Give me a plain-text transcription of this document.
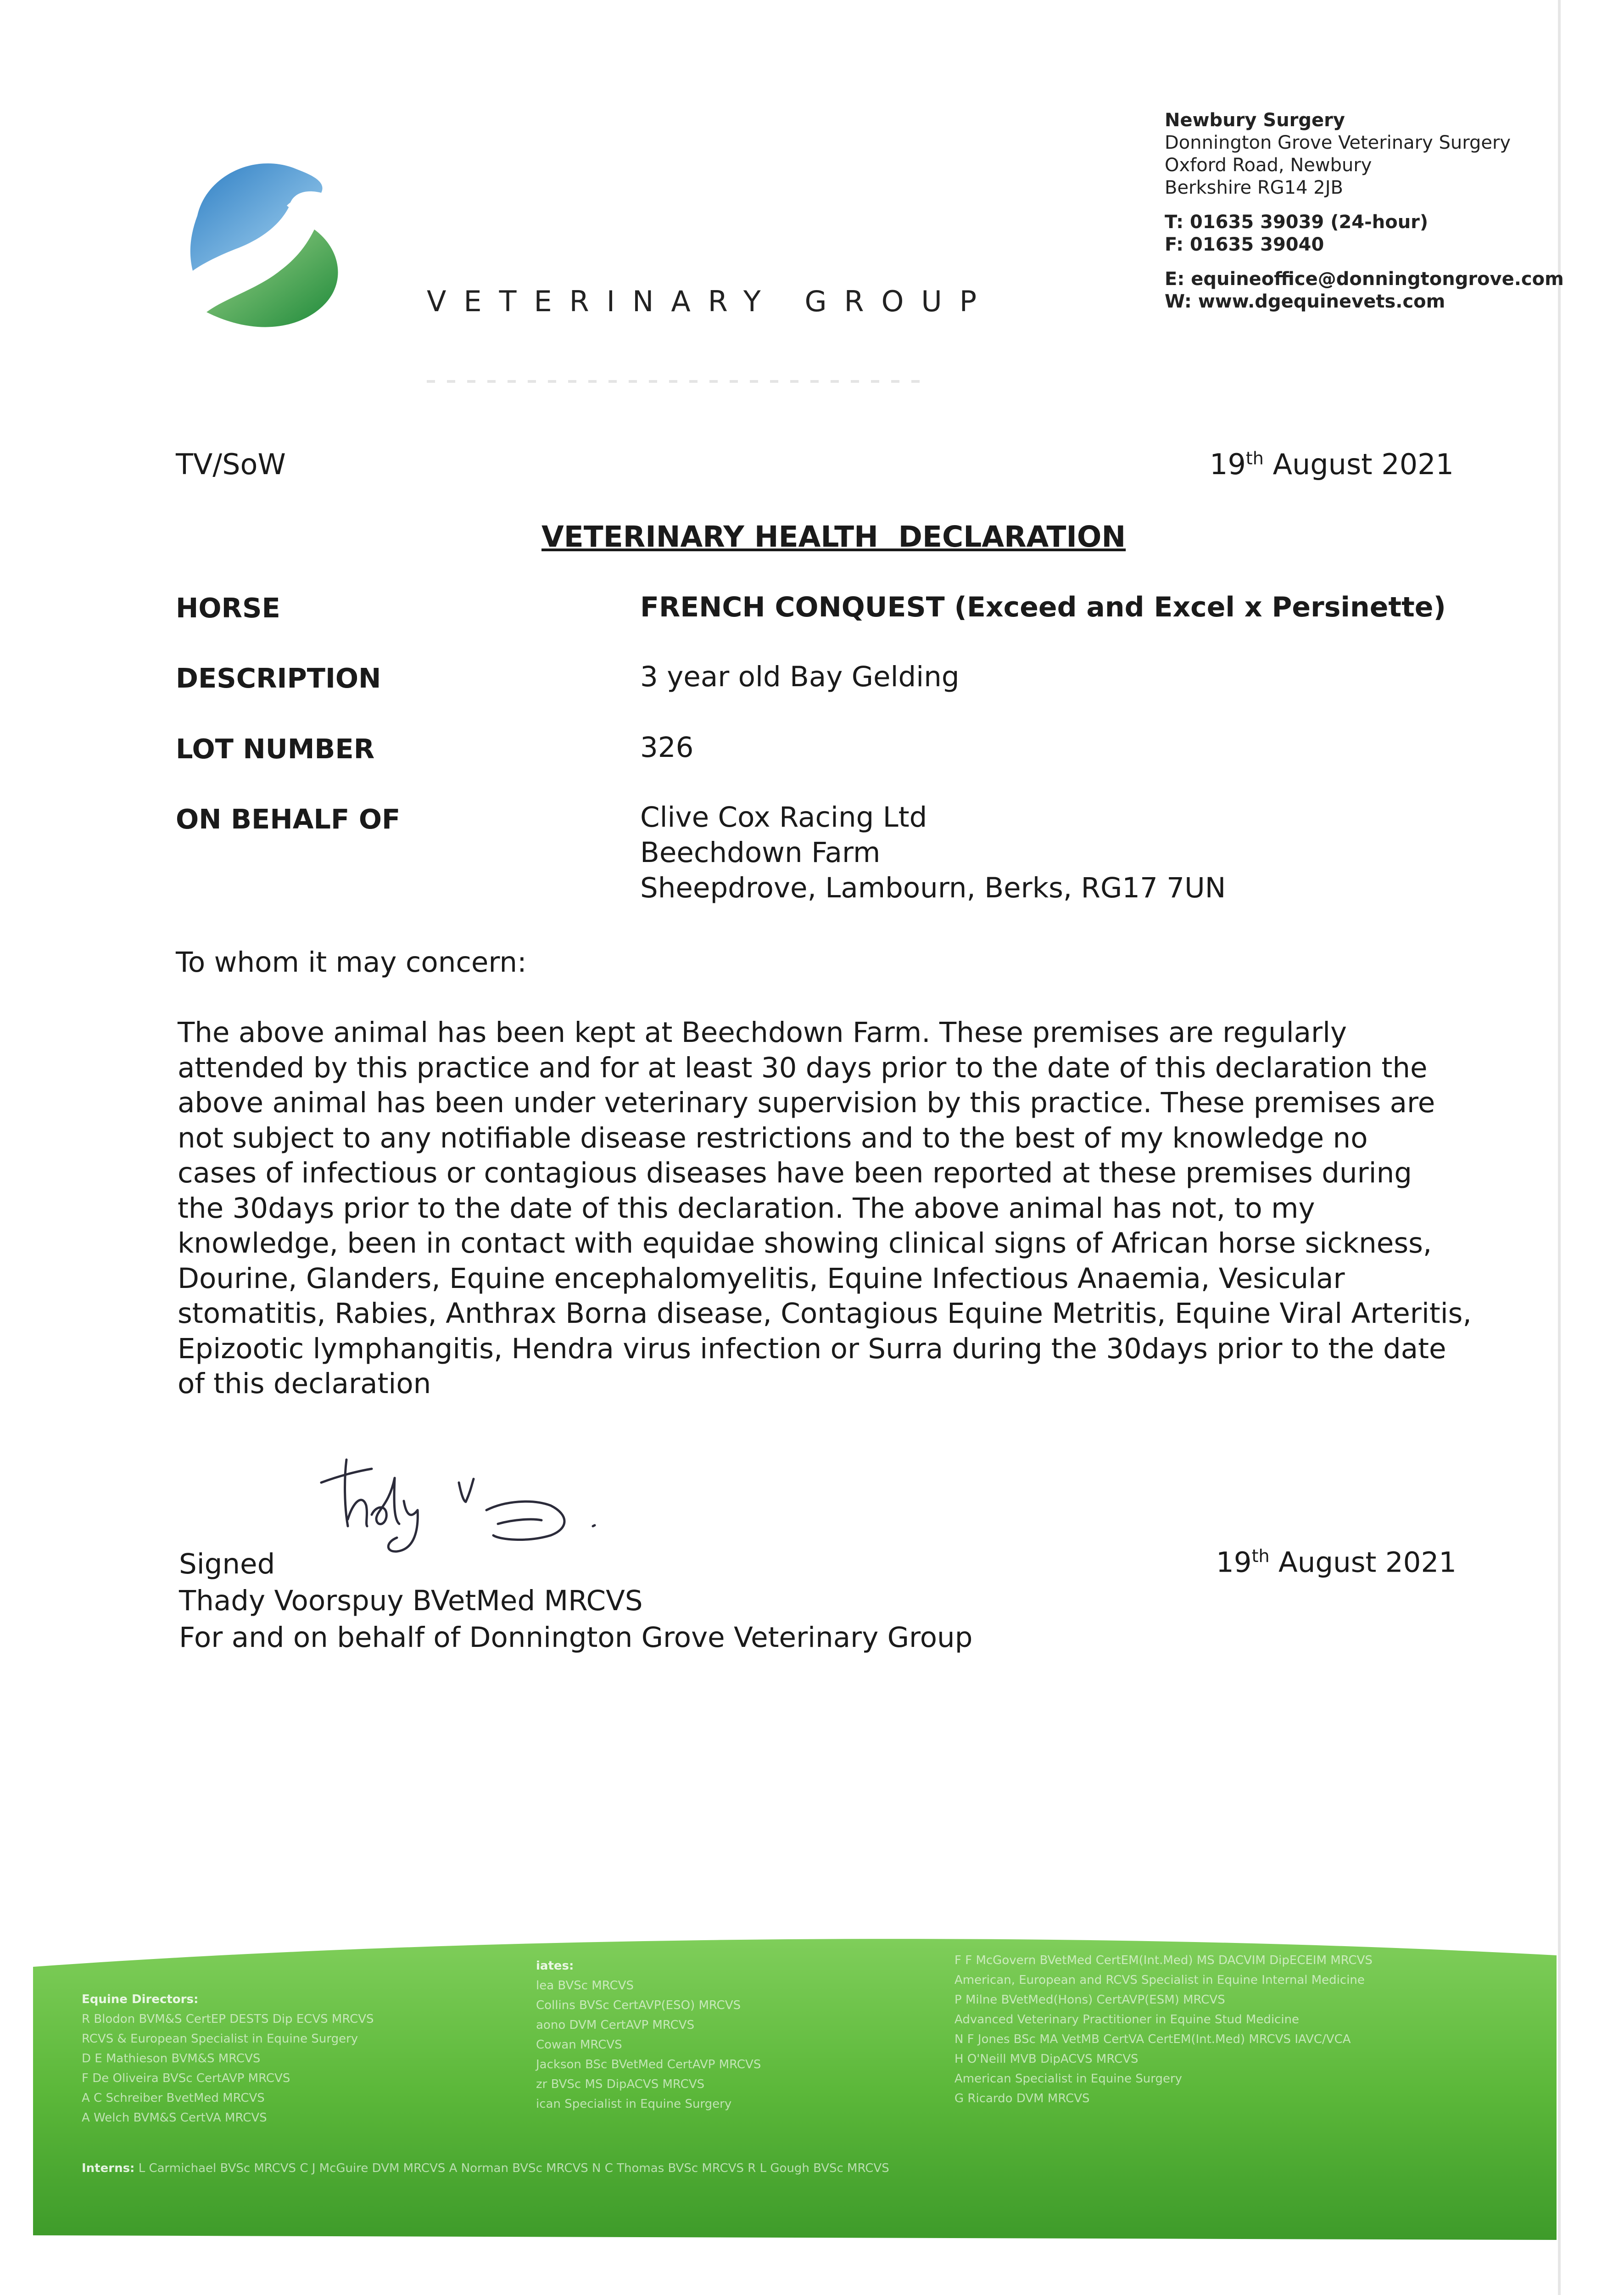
VETERINARY GROUP
Newbury Surgery
Donnington Grove Veterinary Surgery
Oxford Road, Newbury
Berkshire RG14 2JB
T: 01635 39039 (24-hour)
F: 01635 39040
E: equineoffice@donningtongrove.com
W: www.dgequinevets.com
TV/SoW	19th August 2021
VETERINARY HEALTH  DECLARATION
HORSE	FRENCH CONQUEST (Exceed and Excel x Persinette)
DESCRIPTION	3 year old Bay Gelding
LOT NUMBER	326
ON BEHALF OF	Clive Cox Racing Ltd
Beechdown Farm
Sheepdrove, Lambourn, Berks, RG17 7UN
To whom it may concern:
The above animal has been kept at Beechdown Farm. These premises are regularly
attended by this practice and for at least 30 days prior to the date of this declaration the
above animal has been under veterinary supervision by this practice. These premises are
not subject to any notifiable disease restrictions and to the best of my knowledge no
cases of infectious or contagious diseases have been reported at these premises during
the 30days prior to the date of this declaration. The above animal has not, to my
knowledge, been in contact with equidae showing clinical signs of African horse sickness,
Dourine, Glanders, Equine encephalomyelitis, Equine Infectious Anaemia, Vesicular
stomatitis, Rabies, Anthrax Borna disease, Contagious Equine Metritis, Equine Viral Arteritis,
Epizootic lymphangitis, Hendra virus infection or Surra during the 30days prior to the date
of this declaration
Signed
Thady Voorspuy BVetMed MRCVS
For and on behalf of Donnington Grove Veterinary Group
19th August 2021
Equine Directors:
R Blodon BVM&S CertEP DESTS Dip ECVS MRCVS
RCVS & European Specialist in Equine Surgery
D E Mathieson BVM&S MRCVS
F De Oliveira BVSc CertAVP MRCVS
A C Schreiber BvetMed MRCVS
A Welch BVM&S CertVA MRCVS
iates:
lea BVSc MRCVS
Collins BVSc CertAVP(ESO) MRCVS
aono DVM CertAVP MRCVS
Cowan MRCVS
Jackson BSc BVetMed CertAVP MRCVS
zr BVSc MS DipACVS MRCVS
ican Specialist in Equine Surgery
F F McGovern BVetMed CertEM(Int.Med) MS DACVIM DipECEIM MRCVS
American, European and RCVS Specialist in Equine Internal Medicine
P Milne BVetMed(Hons) CertAVP(ESM) MRCVS
Advanced Veterinary Practitioner in Equine Stud Medicine
N F Jones BSc MA VetMB CertVA CertEM(Int.Med) MRCVS IAVC/VCA
H O'Neill MVB DipACVS MRCVS
American Specialist in Equine Surgery
G Ricardo DVM MRCVS
Interns: L Carmichael BVSc MRCVS C J McGuire DVM MRCVS A Norman BVSc MRCVS N C Thomas BVSc MRCVS R L Gough BVSc MRCVS
